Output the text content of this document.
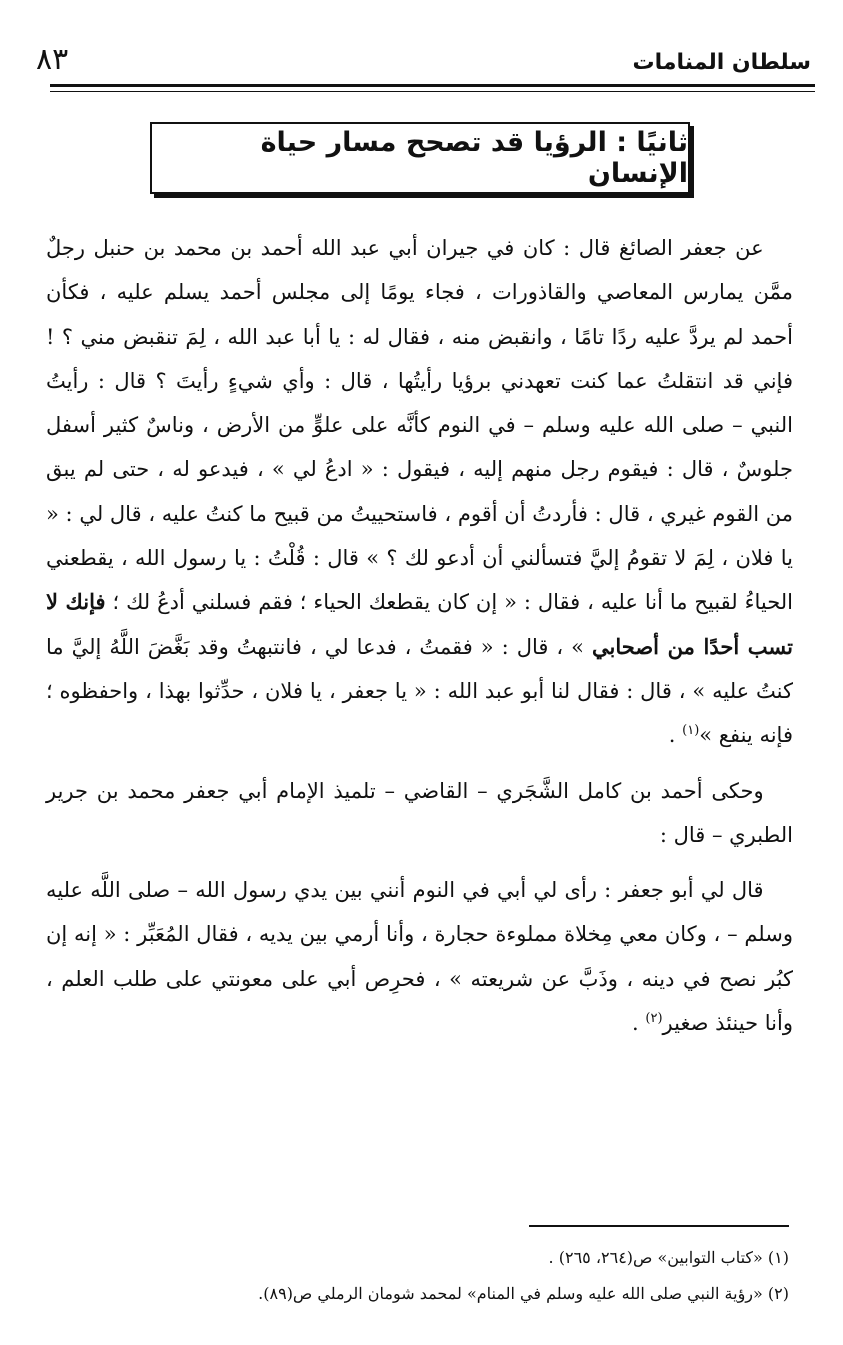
٨٣	سلطان المنامات
ثانيًا : الرؤيا قد تصحح مسار حياة الإنسان

عن جعفر الصائغ قال : كان في جيران أبي عبد الله أحمد بن محمد بن حنبل رجلٌ ممَّن يمارس المعاصي والقاذورات ، فجاء يومًا إلى مجلس أحمد يسلم عليه ، فكأن أحمد لم يردَّ عليه ردًا تامًا ، وانقبض منه ، فقال له : يا أبا عبد الله ، لِمَ تنقبض مني ؟ ! فإني قد انتقلتُ عما كنت تعهدني برؤيا رأيتُها ، قال : وأي شيءٍ رأيتَ ؟ قال : رأيتُ النبي – صلى الله عليه وسلم – في النوم كأنَّه على علوٍّ من الأرض ، وناسٌ كثير أسفل جلوسٌ ، قال : فيقوم رجل منهم إليه ، فيقول : « ادعُ لي » ، فيدعو له ، حتى لم يبق من القوم غيري ، قال : فأردتُ أن أقوم ، فاستحييتُ من قبيح ما كنتُ عليه ، قال لي : « يا فلان ، لِمَ لا تقومُ إليَّ فتسألني أن أدعو لك ؟ » قال : قُلْتُ : يا رسول الله ، يقطعني الحياءُ لقبيح ما أنا عليه ، فقال : « إن كان يقطعك الحياء ؛ فقم فسلني أدعُ لك ؛ فإنك لا تسب أحدًا من أصحابي » ، قال : « فقمتُ ، فدعا لي ، فانتبهتُ وقد بَغَّضَ اللَّهُ إليَّ ما كنتُ عليه » ، قال : فقال لنا أبو عبد الله : « يا جعفر ، يا فلان ، حدِّثوا بهذا ، واحفظوه ؛ فإنه ينفع »$^{(١)}$ .

وحكى أحمد بن كامل الشَّجَري – القاضي – تلميذ الإمام أبي جعفر محمد بن جرير الطبري – قال :

قال لي أبو جعفر : رأى لي أبي في النوم أنني بين يدي رسول الله – صلى اللَّه عليه وسلم – ، وكان معي مِخلاة مملوءة حجارة ، وأنا أرمي بين يديه ، فقال المُعَبِّر : « إنه إن كبُر نصح في دينه ، وذَبَّ عن شريعته » ، فحرِص أبي على معونتي على طلب العلم ، وأنا حينئذ صغير$^{(٢)}$ .

(١) «كتاب التوابين» ص(٢٦٤، ٢٦٥) .
(٢) «رؤية النبي صلى الله عليه وسلم في المنام» لمحمد شومان الرملي ص(٨٩).
